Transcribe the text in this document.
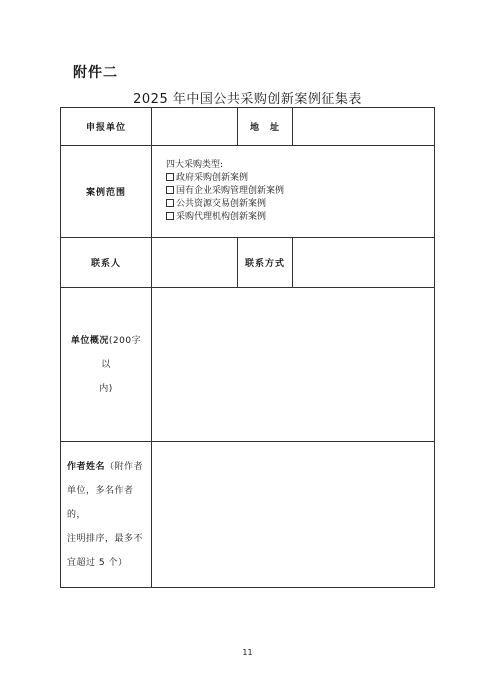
附件二
2025 年中国公共采购创新案例征集表
申报单位		地　址	
案例范围	四大采购类型:
政府采购创新案例
国有企业采购管理创新案例
公共资源交易创新案例
采购代理机构创新案例		

联系人		联系方式	
单位概况(200字以
内)			
作者姓名（附作者
单位，多名作者的，
注明排序，最多不
宜超过 5 个）			
11
